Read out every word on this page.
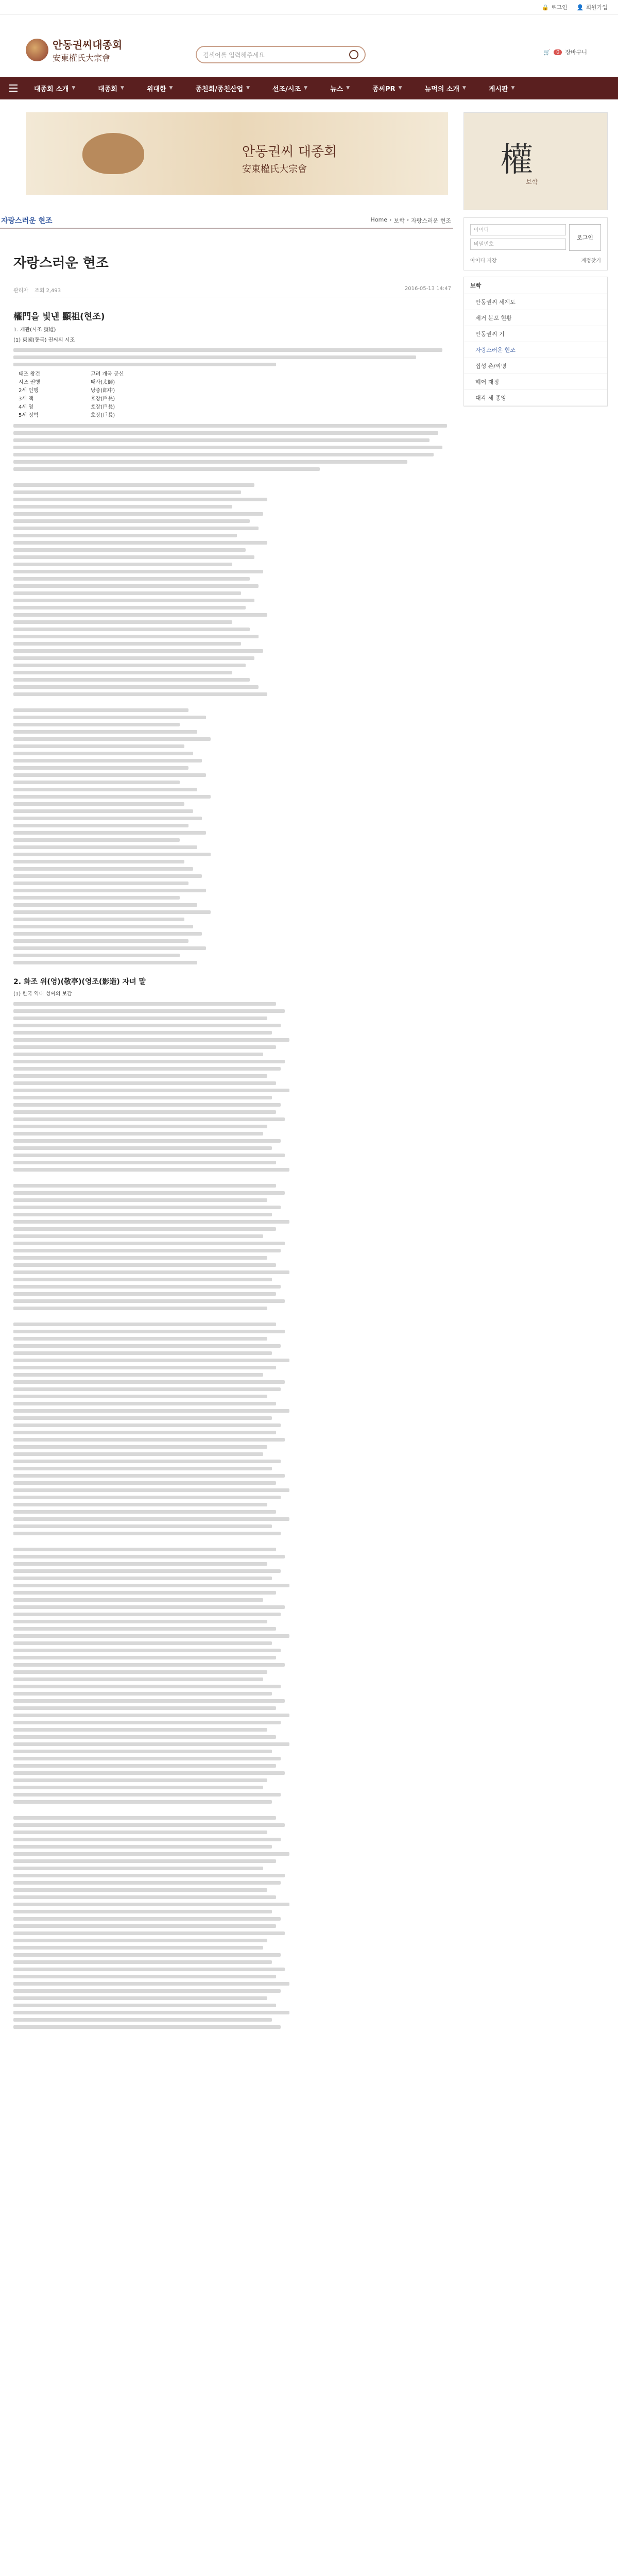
🔒 로그인 👤 회원가입
안동권씨대종회
安東權氏大宗會	검색어를 입력해주세요	🛒	0	장바구니
대종회 소개 ▼	대종회 ▼	위대한 ▼	종친회/종친산업 ▼	선조/시조 ▼	뉴스 ▼	종씨PR ▼	뉴먹의 소개 ▼	게시판 ▼
안동권씨 대종회
安東權氏大宗會
자랑스러운 현조	Home › 보학 › 자랑스러운 현조
자랑스러운 현조
관리자 조회 2,493	2016-05-13 14:47
權門을 빛낸 顯祖(현조)

1. 개관(시조 號道)

(1) 東國(동국) 권씨의 시조

태조 왕건	고려 개국 공신
시조 권행	태사(太師)
2세 인행	낭중(郎中)
3세 책	호장(戶長)
4세 영	호장(戶長)
5세 정혁	호장(戶長)
2. 화조 위(영)(敬亭)(영조(影造) 자녀 말

(1) 한국 역대 성씨의 보감

權
보학
아이디
비밀번호
로그인
아이디 저장	계정찾기
보학
안동권씨 세계도
세거 분포 현황
안동권씨 기
자랑스러운 현조
집성 촌/씨명
헤어 재정
대각 세 종앙
